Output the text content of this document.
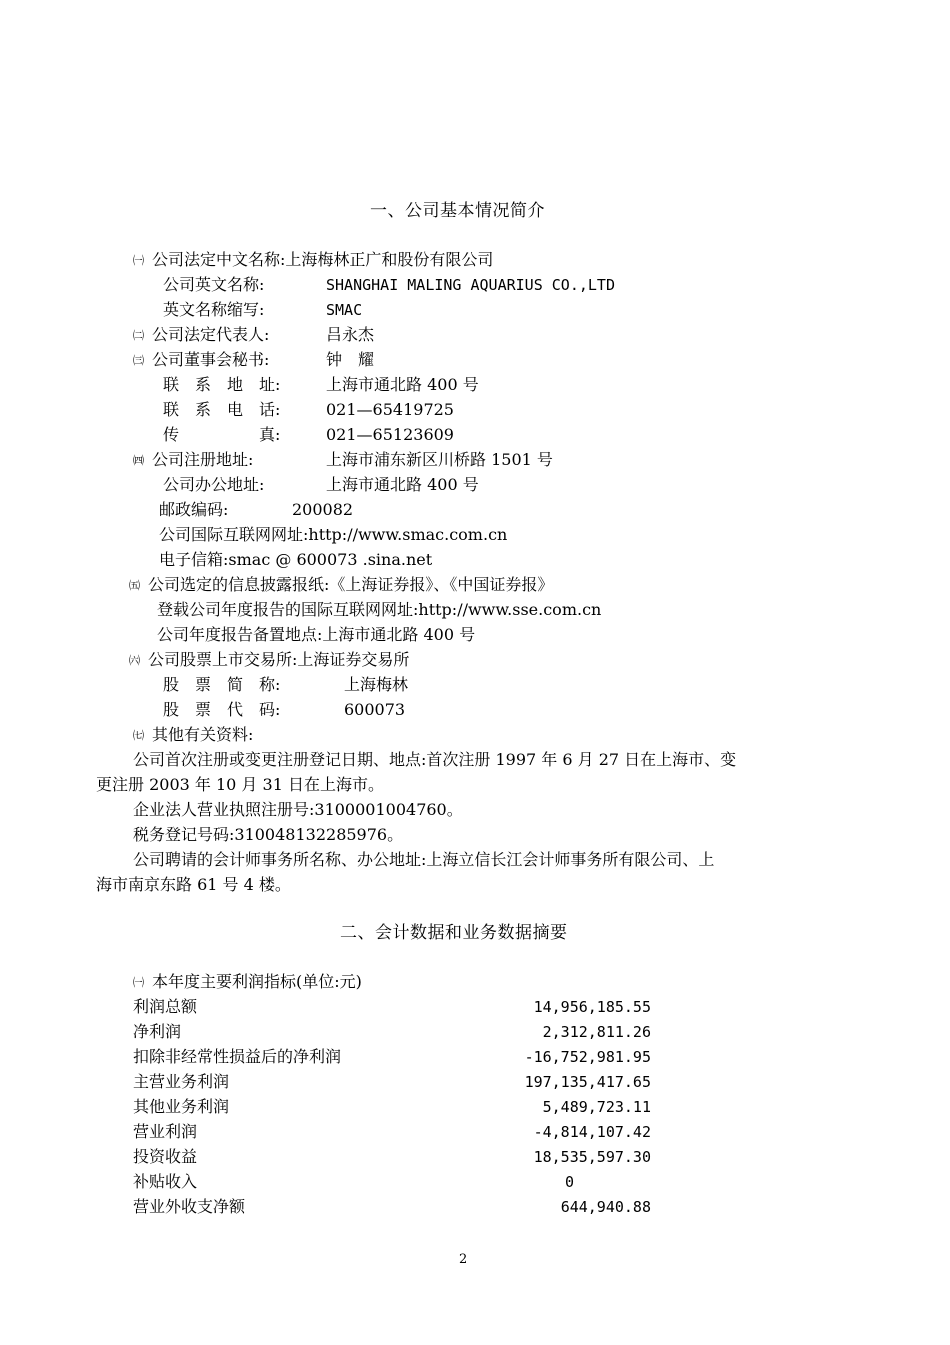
一、公司基本情况简介
㈠ 公司法定中文名称:上海梅林正广和股份有限公司
公司英文名称:	SHANGHAI MALING AQUARIUS CO.,LTD
英文名称缩写:	SMAC
㈡ 公司法定代表人:	吕永杰
㈢ 公司董事会秘书:	钟　耀
联　系　地　址:	上海市通北路 400 号
联　系　电　话:	021—65419725
传　　　　　真:	021—65123609
㈣ 公司注册地址:	上海市浦东新区川桥路 1501 号
公司办公地址:	上海市通北路 400 号
邮政编码:	200082
公司国际互联网网址:http://www.smac.com.cn
电子信箱:smac @ 600073 .sina.net
㈤ 公司选定的信息披露报纸:《上海证券报》、《中国证券报》
登载公司年度报告的国际互联网网址:http://www.sse.com.cn
公司年度报告备置地点:上海市通北路 400 号
㈥ 公司股票上市交易所:上海证券交易所
股　票　简　称:	上海梅林
股　票　代　码:	600073
㈦ 其他有关资料:
公司首次注册或变更注册登记日期、地点:首次注册 1997 年 6 月 27 日在上海市、变
更注册 2003 年 10 月 31 日在上海市。
企业法人营业执照注册号:3100001004760。
税务登记号码:310048132285976。
公司聘请的会计师事务所名称、办公地址:上海立信长江会计师事务所有限公司、上
海市南京东路 61 号 4 楼。
二、会计数据和业务数据摘要
㈠ 本年度主要利润指标(单位:元)
利润总额	14,956,185.55
净利润	2,312,811.26
扣除非经常性损益后的净利润	-16,752,981.95
主营业务利润	197,135,417.65
其他业务利润	5,489,723.11
营业利润	-4,814,107.42
投资收益	18,535,597.30
补贴收入	0
营业外收支净额	644,940.88
2
